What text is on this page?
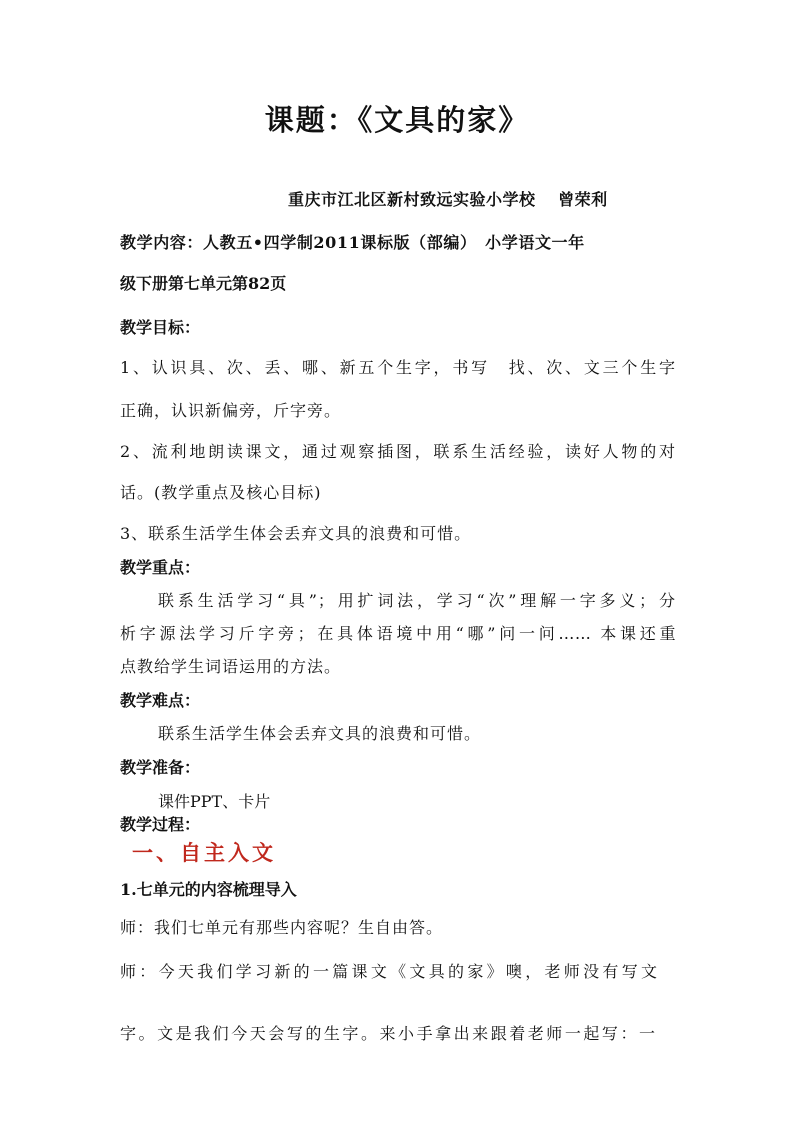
课题：《文具的家》
重庆市江北区新村致远实验小学校　 曾荣利
教学内容：人教五•四学制2011课标版（部编）　小学语文一年
级下册第七单元第82页
教学目标：
1、认识具、次、丢、哪、新五个生字，书写　找、次、文三个生字
正确，认识新偏旁，斤字旁。
2、流利地朗读课文，通过观察插图，联系生活经验，读好人物的对
话。(教学重点及核心目标)
3、联系生活学生体会丢弃文具的浪费和可惜。
教学重点：
联系生活学习“具”；用扩词法，学习“次”理解一字多义；分
析字源法学习斤字旁；在具体语境中用“哪”问一问…… 本课还重
点教给学生词语运用的方法。
教学难点：
联系生活学生体会丢弃文具的浪费和可惜。
教学准备：
课件PPT、卡片
教学过程：
一、自主入文
1.七单元的内容梳理导入
师：我们七单元有那些内容呢？生自由答。
师：今天我们学习新的一篇课文《文具的家》噢，老师没有写文
字。文是我们今天会写的生字。来小手拿出来跟着老师一起写：一
